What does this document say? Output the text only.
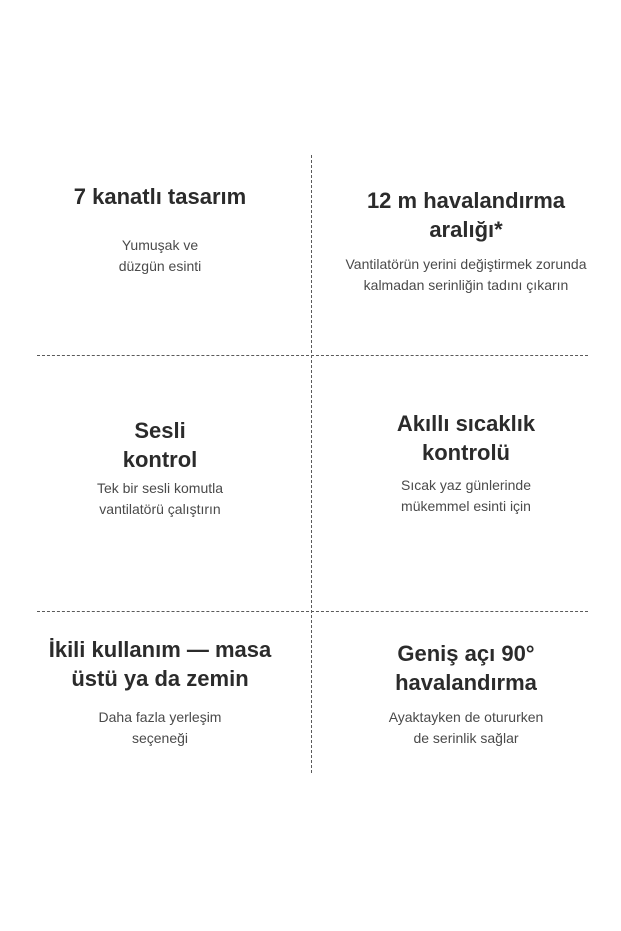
7 kanatlı tasarım

Yumuşak ve
düzgün esinti

12 m havalandırma
aralığı*

Vantilatörün yerini değiştirmek zorunda
kalmadan serinliğin tadını çıkarın

Sesli
kontrol

Tek bir sesli komutla
vantilatörü çalıştırın

Akıllı sıcaklık
kontrolü

Sıcak yaz günlerinde
mükemmel esinti için

İkili kullanım — masa
üstü ya da zemin

Daha fazla yerleşim
seçeneği

Geniş açı 90°
havalandırma

Ayaktayken de otururken
de serinlik sağlar
